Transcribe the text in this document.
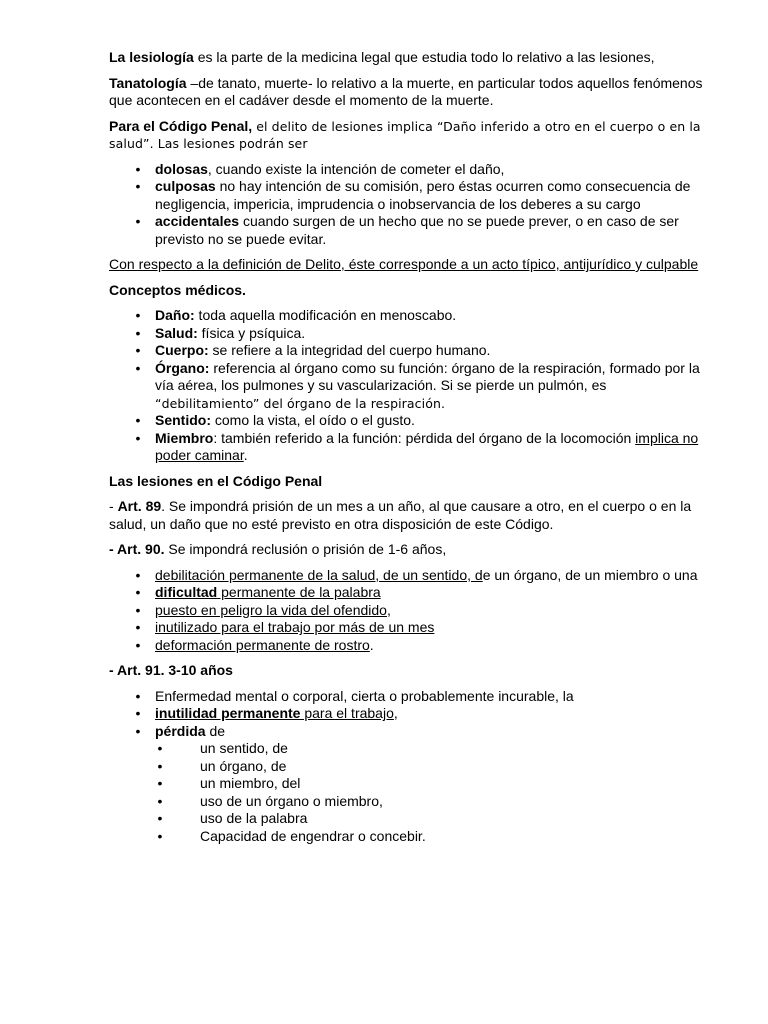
La lesiología es la parte de la medicina legal que estudia todo lo relativo a las lesiones,

Tanatología –de tanato, muerte- lo relativo a la muerte, en particular todos aquellos fenómenos que acontecen en el cadáver desde el momento de la muerte.

Para el Código Penal, el delito de lesiones implica “Daño inferido a otro en el cuerpo o en la salud”. Las lesiones podrán ser

• dolosas, cuando existe la intención de cometer el daño,
• culposas no hay intención de su comisión, pero éstas ocurren como consecuencia de negligencia, impericia, imprudencia o inobservancia de los deberes a su cargo
• accidentales cuando surgen de un hecho que no se puede prever, o en caso de ser previsto no se puede evitar.

Con respecto a la definición de Delito, éste corresponde a un acto típico, antijurídico y culpable

Conceptos médicos.

• Daño: toda aquella modificación en menoscabo.
• Salud: física y psíquica.
• Cuerpo: se refiere a la integridad del cuerpo humano.
• Órgano: referencia al órgano como su función: órgano de la respiración, formado por la vía aérea, los pulmones y su vascularización. Si se pierde un pulmón, es
“debilitamiento” del órgano de la respiración.
• Sentido: como la vista, el oído o el gusto.
• Miembro: también referido a la función: pérdida del órgano de la locomoción implica no poder caminar.

Las lesiones en el Código Penal

- Art. 89. Se impondrá prisión de un mes a un año, al que causare a otro, en el cuerpo o en la salud, un daño que no esté previsto en otra disposición de este Código.

- Art. 90. Se impondrá reclusión o prisión de 1-6 años,

• debilitación permanente de la salud, de un sentido, de un órgano, de un miembro o una
• dificultad permanente de la palabra
• puesto en peligro la vida del ofendido,
• inutilizado para el trabajo por más de un mes
• deformación permanente de rostro.

- Art. 91. 3-10 años

• Enfermedad mental o corporal, cierta o probablemente incurable, la
• inutilidad permanente para el trabajo,
• pérdida de
•	un sentido, de
•	un órgano, de
•	un miembro, del
•	uso de un órgano o miembro,
•	uso de la palabra
•	Capacidad de engendrar o concebir.
